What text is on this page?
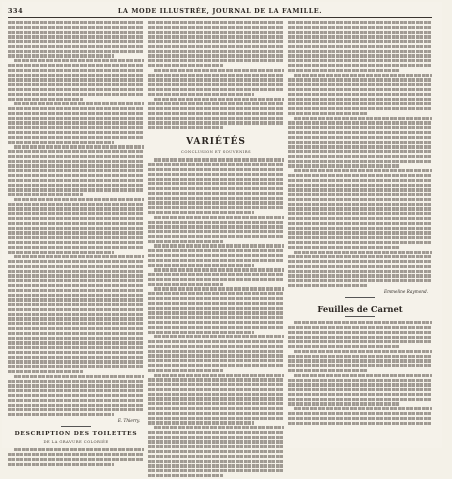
334	LA MODE ILLUSTRÉE, JOURNAL DE LA FAMILLE.
E. Thierry.
DESCRIPTION DES TOILETTES
DE LA GRAVURE COLORIÉE
VARIÉTÉS
CONCLUSION ET SOUVENIRS
Emmeline Raymond.
Feuilles de Carnet
